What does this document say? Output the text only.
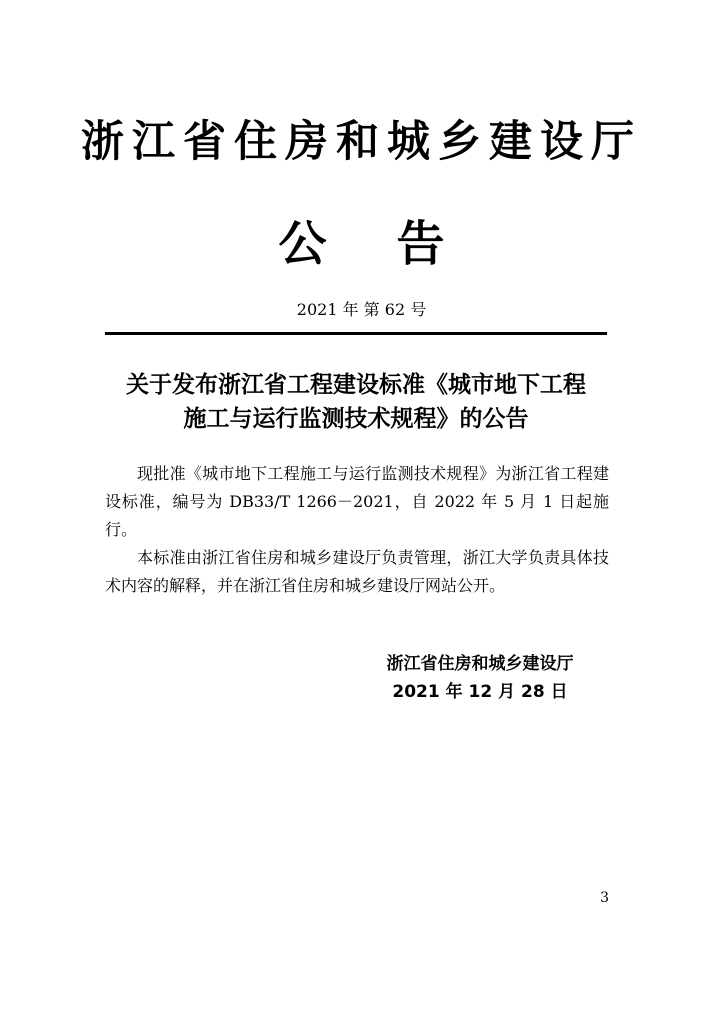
浙江省住房和城乡建设厅
公 告
2021 年 第 62 号
关于发布浙江省工程建设标准《城市地下工程
施工与运行监测技术规程》的公告

现批准《城市地下工程施工与运行监测技术规程》为浙江省工程建设标准，编号为 DB33/T 1266－2021，自 2022 年 5 月 1 日起施行。

本标准由浙江省住房和城乡建设厅负责管理，浙江大学负责具体技术内容的解释，并在浙江省住房和城乡建设厅网站公开。

浙江省住房和城乡建设厅
2021 年 12 月 28 日
3
